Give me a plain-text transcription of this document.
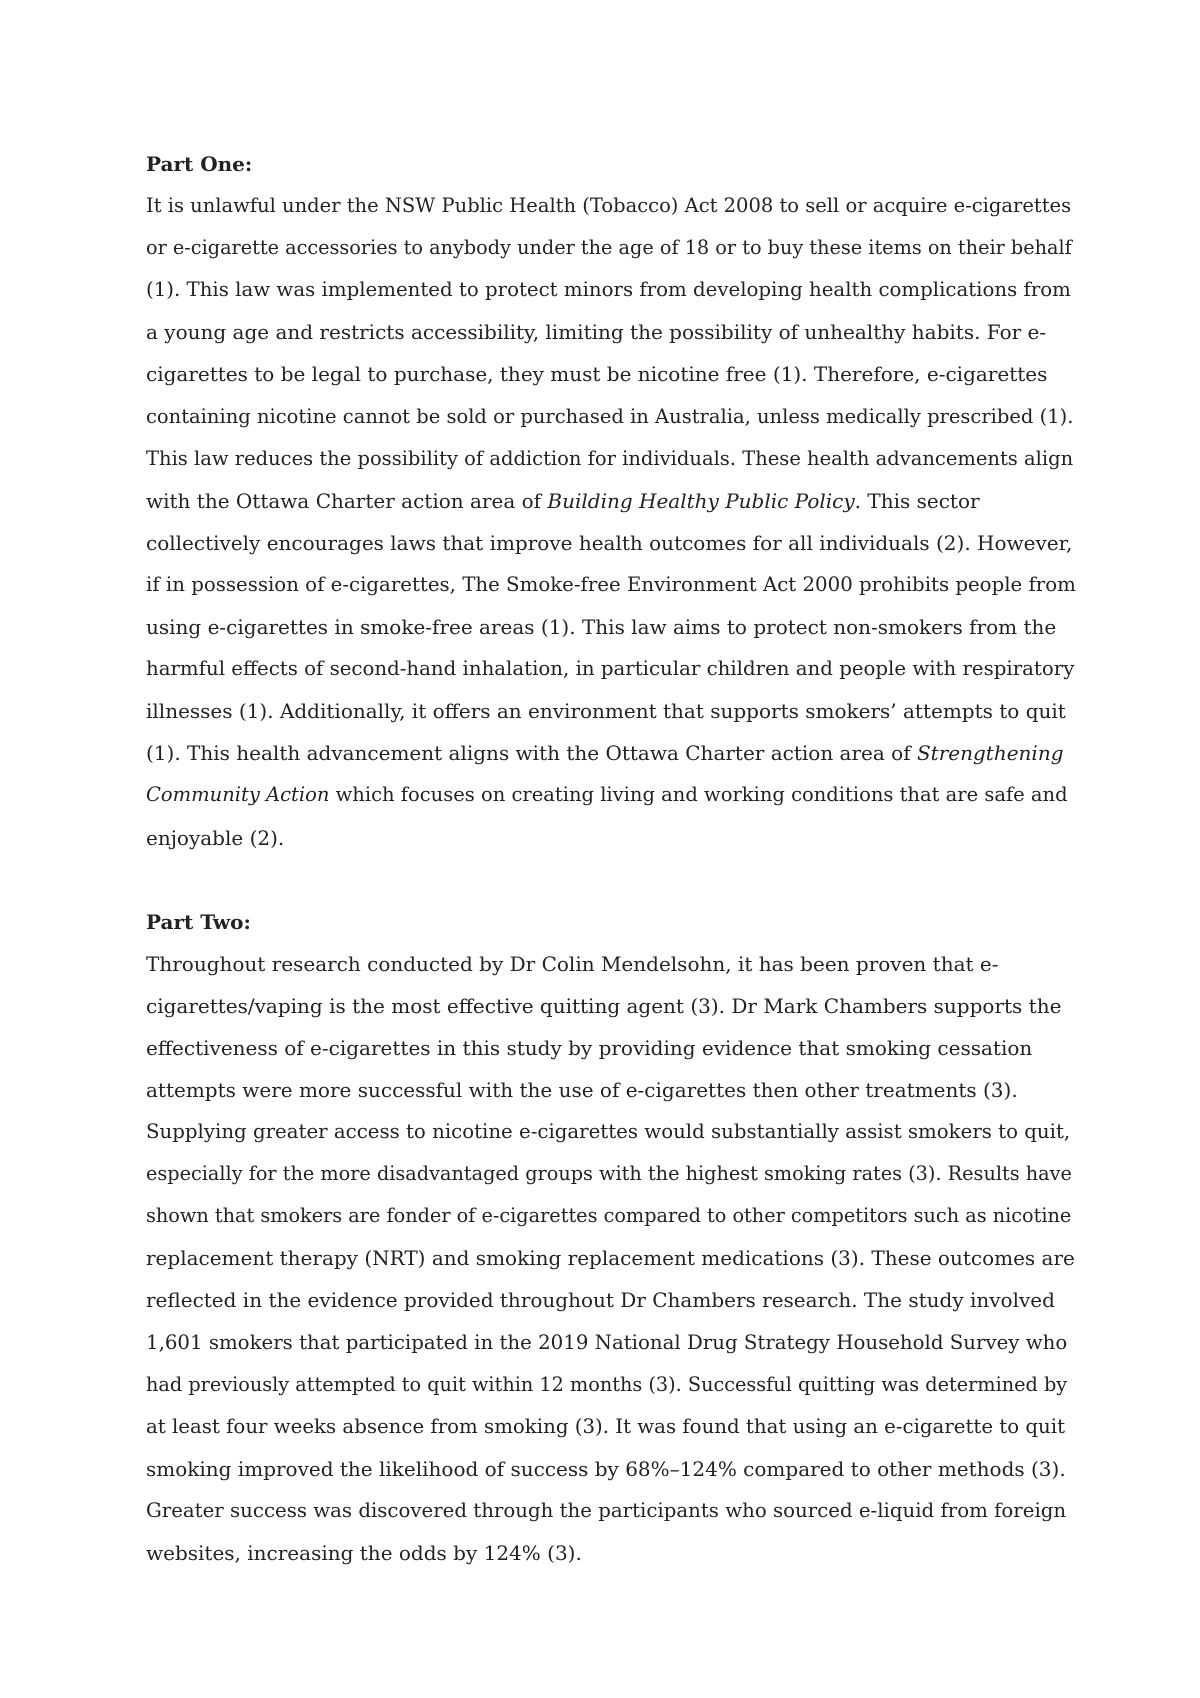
Part One:

It is unlawful under the NSW Public Health (Tobacco) Act 2008 to sell or acquire e-cigarettes
or e-cigarette accessories to anybody under the age of 18 or to buy these items on their behalf
(1). This law was implemented to protect minors from developing health complications from
a young age and restricts accessibility, limiting the possibility of unhealthy habits. For e-
cigarettes to be legal to purchase, they must be nicotine free (1). Therefore, e-cigarettes
containing nicotine cannot be sold or purchased in Australia, unless medically prescribed (1).
This law reduces the possibility of addiction for individuals. These health advancements align
with the Ottawa Charter action area of Building Healthy Public Policy. This sector
collectively encourages laws that improve health outcomes for all individuals (2). However,
if in possession of e-cigarettes, The Smoke-free Environment Act 2000 prohibits people from
using e-cigarettes in smoke-free areas (1). This law aims to protect non-smokers from the
harmful effects of second-hand inhalation, in particular children and people with respiratory
illnesses (1). Additionally, it offers an environment that supports smokers’ attempts to quit
(1). This health advancement aligns with the Ottawa Charter action area of Strengthening
Community Action which focuses on creating living and working conditions that are safe and
enjoyable (2).

Part Two:

Throughout research conducted by Dr Colin Mendelsohn, it has been proven that e-
cigarettes/vaping is the most effective quitting agent (3). Dr Mark Chambers supports the
effectiveness of e-cigarettes in this study by providing evidence that smoking cessation
attempts were more successful with the use of e-cigarettes then other treatments (3).
Supplying greater access to nicotine e-cigarettes would substantially assist smokers to quit,
especially for the more disadvantaged groups with the highest smoking rates (3). Results have
shown that smokers are fonder of e-cigarettes compared to other competitors such as nicotine
replacement therapy (NRT) and smoking replacement medications (3). These outcomes are
reflected in the evidence provided throughout Dr Chambers research. The study involved
1,601 smokers that participated in the 2019 National Drug Strategy Household Survey who
had previously attempted to quit within 12 months (3). Successful quitting was determined by
at least four weeks absence from smoking (3). It was found that using an e-cigarette to quit
smoking improved the likelihood of success by 68%–124% compared to other methods (3).
Greater success was discovered through the participants who sourced e-liquid from foreign
websites, increasing the odds by 124% (3).
